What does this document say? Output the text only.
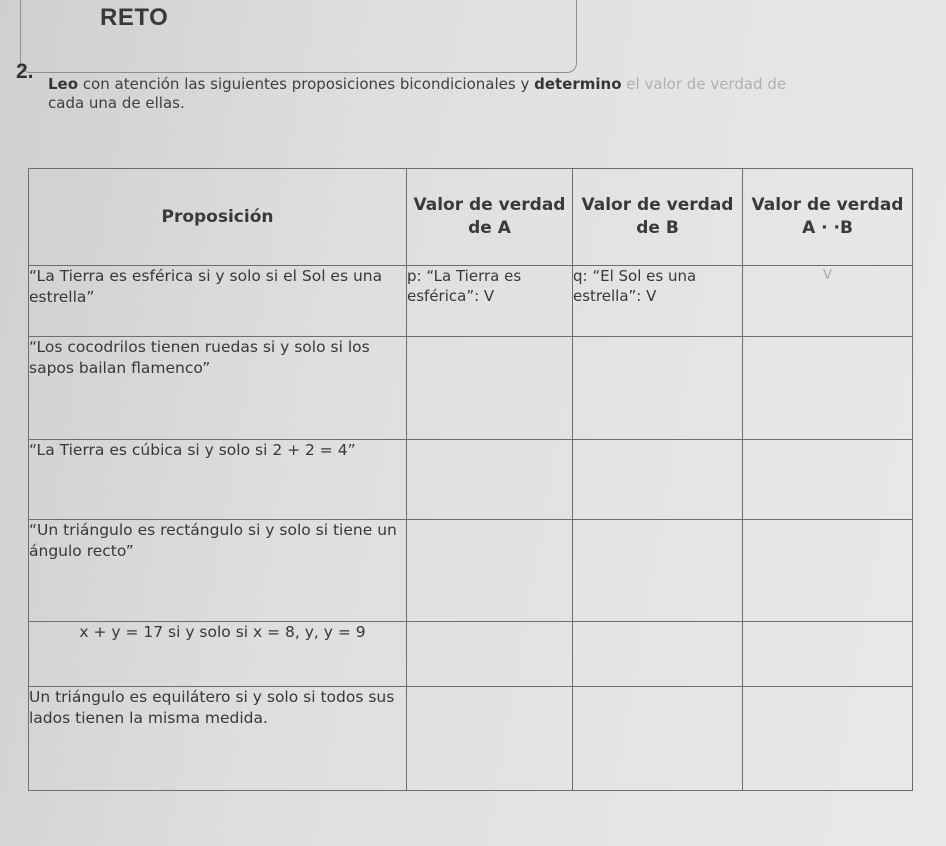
RETO
2.
Leo con atención las siguientes proposiciones bicondicionales y determino el valor de verdad de
cada una de ellas.
Proposición	Valor de verdad de A	Valor de verdad de B	Valor de verdad
A · ·B

“La Tierra es esférica si y solo si el Sol es una estrella”	p: “La Tierra es esférica”: V	q: “El Sol es una estrella”: V	V
“Los cocodrilos tienen ruedas si y solo si los sapos bailan flamenco”			
“La Tierra es cúbica si y solo si 2 + 2 = 4”			
“Un triángulo es rectángulo si y solo si tiene un ángulo recto”			
x + y = 17 si y solo si x = 8, y, y = 9			
Un triángulo es equilátero si y solo si todos sus lados tienen la misma medida.			
